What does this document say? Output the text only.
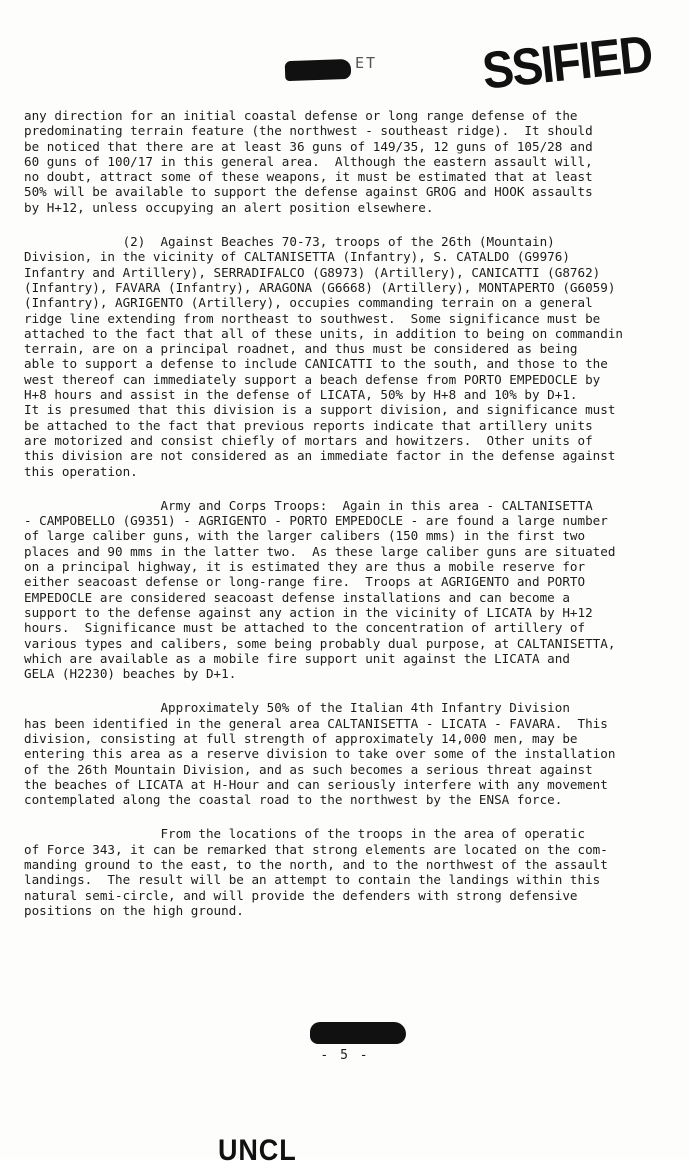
ET SSIFIED

any direction for an initial coastal defense or long range defense of the

predominating terrain feature (the northwest - southeast ridge).  It should

be noticed that there are at least 36 guns of 149/35, 12 guns of 105/28 and

60 guns of 100/17 in this general area.  Although the eastern assault will,

no doubt, attract some of these weapons, it must be estimated that at least

50% will be available to support the defense against GROG and HOOK assaults

by H+12, unless occupying an alert position elsewhere.

(2)  Against Beaches 70-73, troops of the 26th (Mountain)

Division, in the vicinity of CALTANISETTA (Infantry), S. CATALDO (G9976)

Infantry and Artillery), SERRADIFALCO (G8973) (Artillery), CANICATTI (G8762)

(Infantry), FAVARA (Infantry), ARAGONA (G6668) (Artillery), MONTAPERTO (G6059)

(Infantry), AGRIGENTO (Artillery), occupies commanding terrain on a general

ridge line extending from northeast to southwest.  Some significance must be

attached to the fact that all of these units, in addition to being on commandin

terrain, are on a principal roadnet, and thus must be considered as being

able to support a defense to include CANICATTI to the south, and those to the

west thereof can immediately support a beach defense from PORTO EMPEDOCLE by

H+8 hours and assist in the defense of LICATA, 50% by H+8 and 10% by D+1.

It is presumed that this division is a support division, and significance must

be attached to the fact that previous reports indicate that artillery units

are motorized and consist chiefly of mortars and howitzers.  Other units of

this division are not considered as an immediate factor in the defense against

this operation.

Army and Corps Troops:  Again in this area - CALTANISETTA

- CAMPOBELLO (G9351) - AGRIGENTO - PORTO EMPEDOCLE - are found a large number

of large caliber guns, with the larger calibers (150 mms) in the first two

places and 90 mms in the latter two.  As these large caliber guns are situated

on a principal highway, it is estimated they are thus a mobile reserve for

either seacoast defense or long-range fire.  Troops at AGRIGENTO and PORTO

EMPEDOCLE are considered seacoast defense installations and can become a

support to the defense against any action in the vicinity of LICATA by H+12

hours.  Significance must be attached to the concentration of artillery of

various types and calibers, some being probably dual purpose, at CALTANISETTA,

which are available as a mobile fire support unit against the LICATA and

GELA (H2230) beaches by D+1.

Approximately 50% of the Italian 4th Infantry Division

has been identified in the general area CALTANISETTA - LICATA - FAVARA.  This

division, consisting at full strength of approximately 14,000 men, may be

entering this area as a reserve division to take over some of the installation

of the 26th Mountain Division, and as such becomes a serious threat against

the beaches of LICATA at H-Hour and can seriously interfere with any movement

contemplated along the coastal road to the northwest by the ENSA force.

From the locations of the troops in the area of operatic

of Force 343, it can be remarked that strong elements are located on the com-

manding ground to the east, to the north, and to the northwest of the assault

landings.  The result will be an attempt to contain the landings within this

natural semi-circle, and will provide the defenders with strong defensive

positions on the high ground.

- 5 -
UNCL
